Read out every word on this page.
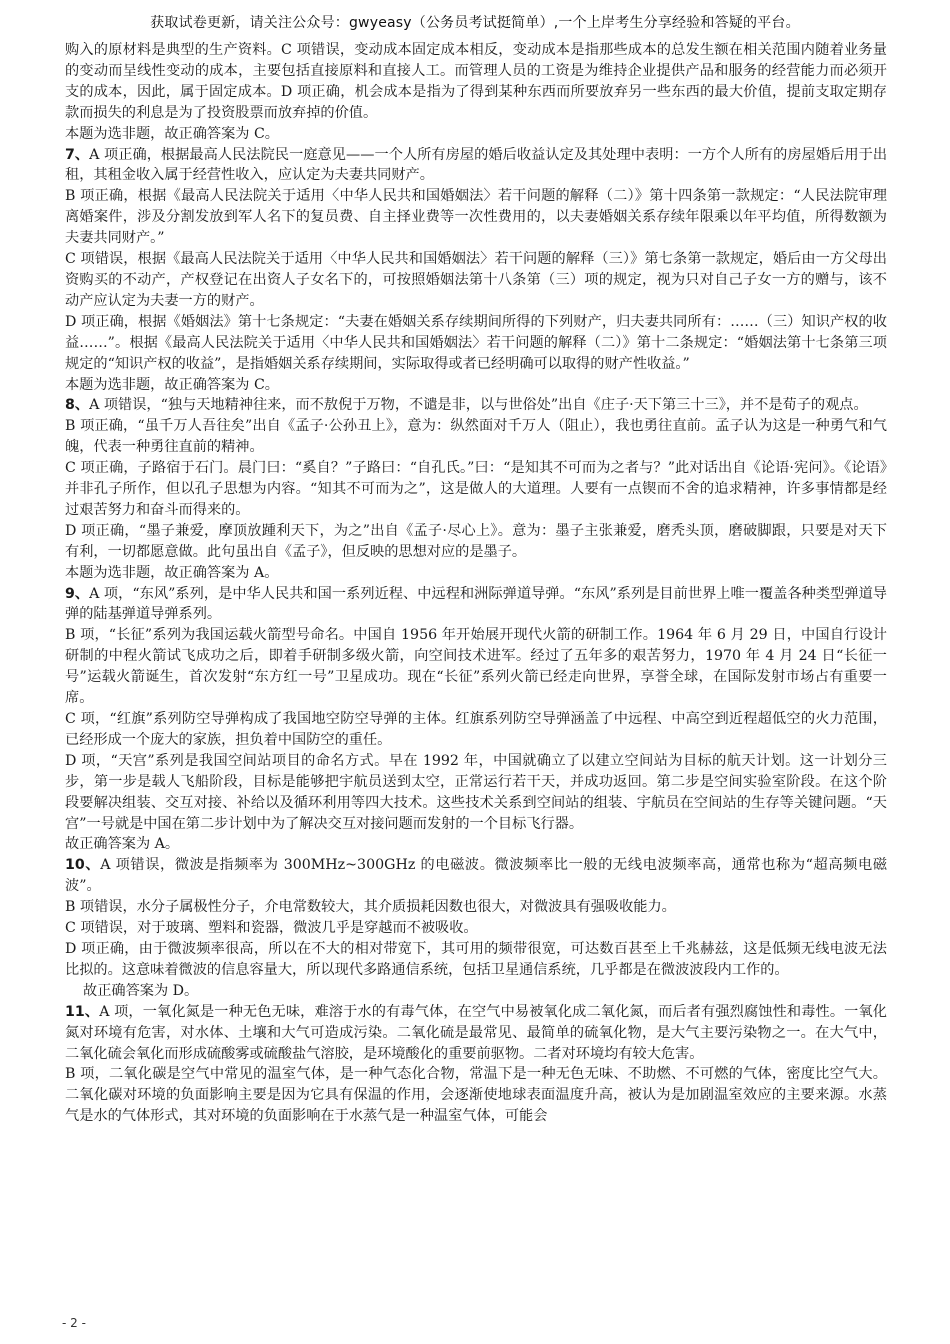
获取试卷更新，请关注公众号：gwyeasy（公务员考试挺简单）,一个上岸考生分享经验和答疑的平台。

购入的原材料是典型的生产资料。C 项错误，变动成本固定成本相反，变动成本是指那些成本的总发生额在相关范围内随着业务量的变动而呈线性变动的成本，主要包括直接原料和直接人工。而管理人员的工资是为维持企业提供产品和服务的经营能力而必须开支的成本，因此，属于固定成本。D 项正确，机会成本是指为了得到某种东西而所要放弃另一些东西的最大价值，提前支取定期存款而损失的利息是为了投资股票而放弃掉的价值。

本题为选非题，故正确答案为 C。

7、A 项正确，根据最高人民法院民一庭意见——一个人所有房屋的婚后收益认定及其处理中表明：一方个人所有的房屋婚后用于出租，其租金收入属于经营性收入，应认定为夫妻共同财产。

B 项正确，根据《最高人民法院关于适用〈中华人民共和国婚姻法〉若干问题的解释（二）》第十四条第一款规定：“人民法院审理离婚案件，涉及分割发放到军人名下的复员费、自主择业费等一次性费用的，以夫妻婚姻关系存续年限乘以年平均值，所得数额为夫妻共同财产。”

C 项错误，根据《最高人民法院关于适用〈中华人民共和国婚姻法〉若干问题的解释（三）》第七条第一款规定，婚后由一方父母出资购买的不动产，产权登记在出资人子女名下的，可按照婚姻法第十八条第（三）项的规定，视为只对自己子女一方的赠与，该不动产应认定为夫妻一方的财产。

D 项正确，根据《婚姻法》第十七条规定：“夫妻在婚姻关系存续期间所得的下列财产，归夫妻共同所有：……（三）知识产权的收益……”。根据《最高人民法院关于适用〈中华人民共和国婚姻法〉若干问题的解释（二）》第十二条规定：“婚姻法第十七条第三项规定的“知识产权的收益”，是指婚姻关系存续期间，实际取得或者已经明确可以取得的财产性收益。”

本题为选非题，故正确答案为 C。

8、A 项错误，“独与天地精神往来，而不敖倪于万物，不谴是非，以与世俗处”出自《庄子·天下第三十三》，并不是荀子的观点。

B 项正确，“虽千万人吾往矣”出自《孟子·公孙丑上》，意为：纵然面对千万人（阻止），我也勇往直前。孟子认为这是一种勇气和气魄，代表一种勇往直前的精神。

C 项正确，子路宿于石门。晨门曰：“奚自？”子路曰：“自孔氏。”曰：“是知其不可而为之者与？”此对话出自《论语·宪问》。《论语》并非孔子所作，但以孔子思想为内容。“知其不可而为之”，这是做人的大道理。人要有一点锲而不舍的追求精神，许多事情都是经过艰苦努力和奋斗而得来的。

D 项正确，“墨子兼爱，摩顶放踵利天下，为之”出自《孟子·尽心上》。意为：墨子主张兼爱，磨秃头顶，磨破脚跟，只要是对天下有利，一切都愿意做。此句虽出自《孟子》，但反映的思想对应的是墨子。

本题为选非题，故正确答案为 A。

9、A 项，“东风”系列，是中华人民共和国一系列近程、中远程和洲际弹道导弹。“东风”系列是目前世界上唯一覆盖各种类型弹道导弹的陆基弹道导弹系列。

B 项，“长征”系列为我国运载火箭型号命名。中国自 1956 年开始展开现代火箭的研制工作。1964 年 6 月 29 日，中国自行设计研制的中程火箭试飞成功之后，即着手研制多级火箭，向空间技术进军。经过了五年多的艰苦努力，1970 年 4 月 24 日“长征一号”运载火箭诞生，首次发射“东方红一号”卫星成功。现在“长征”系列火箭已经走向世界，享誉全球，在国际发射市场占有重要一席。

C 项，“红旗”系列防空导弹构成了我国地空防空导弹的主体。红旗系列防空导弹涵盖了中远程、中高空到近程超低空的火力范围，已经形成一个庞大的家族，担负着中国防空的重任。

D 项，“天宫”系列是我国空间站项目的命名方式。早在 1992 年，中国就确立了以建立空间站为目标的航天计划。这一计划分三步，第一步是载人飞船阶段，目标是能够把宇航员送到太空，正常运行若干天，并成功返回。第二步是空间实验室阶段。在这个阶段要解决组装、交互对接、补给以及循环利用等四大技术。这些技术关系到空间站的组装、宇航员在空间站的生存等关键问题。“天宫”一号就是中国在第二步计划中为了解决交互对接问题而发射的一个目标飞行器。

故正确答案为 A。

10、A 项错误，微波是指频率为 300MHz~300GHz 的电磁波。微波频率比一般的无线电波频率高，通常也称为“超高频电磁波”。

B 项错误，水分子属极性分子，介电常数较大，其介质损耗因数也很大，对微波具有强吸收能力。

C 项错误，对于玻璃、塑料和瓷器，微波几乎是穿越而不被吸收。

D 项正确，由于微波频率很高，所以在不大的相对带宽下，其可用的频带很宽，可达数百甚至上千兆赫兹，这是低频无线电波无法比拟的。这意味着微波的信息容量大，所以现代多路通信系统，包括卫星通信系统，几乎都是在微波波段内工作的。

故正确答案为 D。

11、A 项，一氧化氮是一种无色无味，难溶于水的有毒气体，在空气中易被氧化成二氧化氮，而后者有强烈腐蚀性和毒性。一氧化氮对环境有危害，对水体、土壤和大气可造成污染。二氧化硫是最常见、最简单的硫氧化物，是大气主要污染物之一。在大气中，二氧化硫会氧化而形成硫酸雾或硫酸盐气溶胶，是环境酸化的重要前驱物。二者对环境均有较大危害。

B 项，二氧化碳是空气中常见的温室气体，是一种气态化合物，常温下是一种无色无味、不助燃、不可燃的气体，密度比空气大。二氧化碳对环境的负面影响主要是因为它具有保温的作用，会逐渐使地球表面温度升高，被认为是加剧温室效应的主要来源。水蒸气是水的气体形式，其对环境的负面影响在于水蒸气是一种温室气体，可能会

- 2 -
